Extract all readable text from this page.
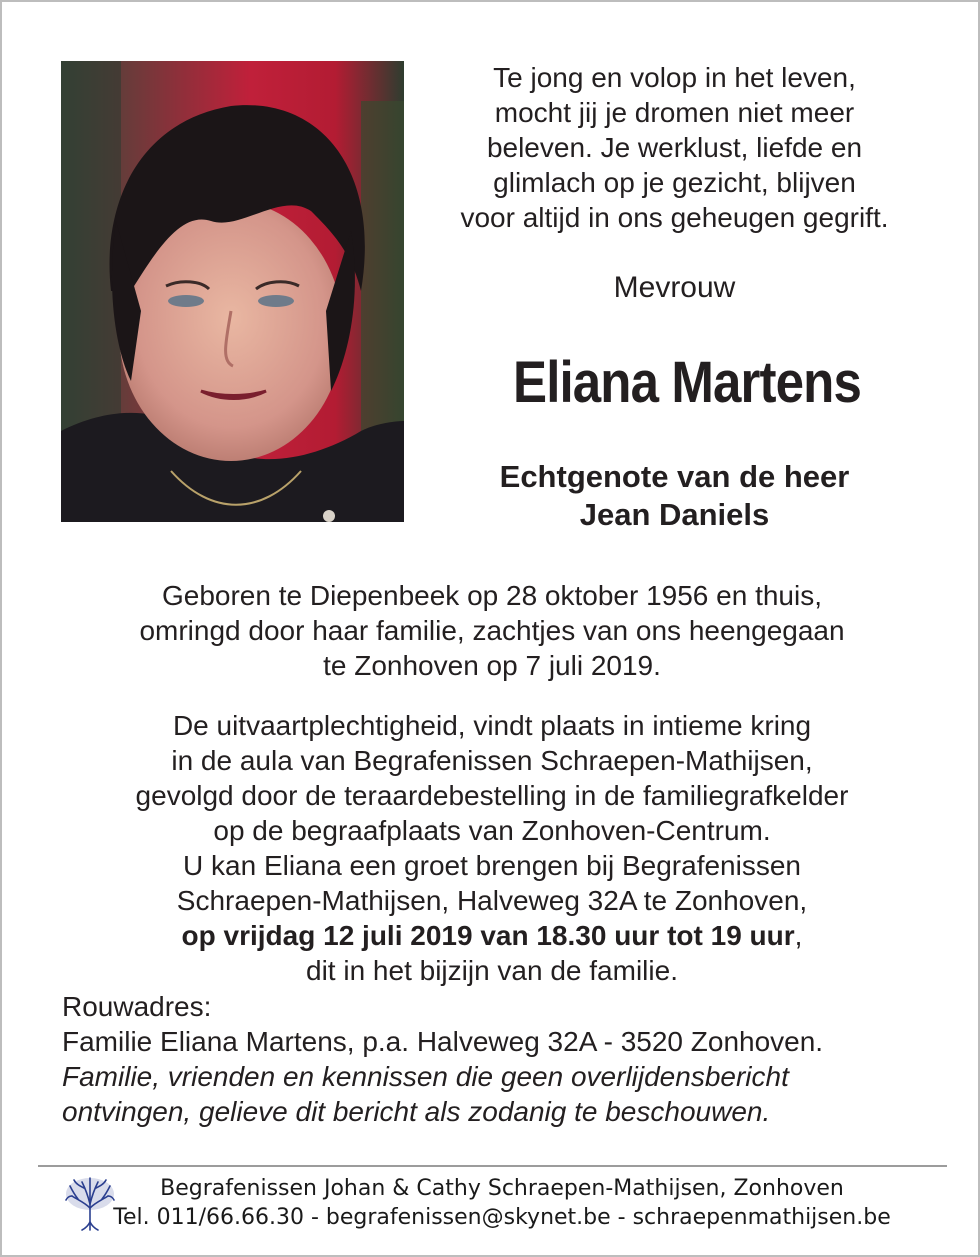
Te jong en volop in het leven,
mocht jij je dromen niet meer
beleven. Je werklust, liefde en
glimlach op je gezicht, blijven
voor altijd in ons geheugen gegrift.
Mevrouw
Eliana Martens
Echtgenote van de heer
Jean Daniels
Geboren te Diepenbeek op 28 oktober 1956 en thuis,
omringd door haar familie, zachtjes van ons heengegaan
te Zonhoven op 7 juli 2019.
De uitvaartplechtigheid, vindt plaats in intieme kring
in de aula van Begrafenissen Schraepen-Mathijsen,
gevolgd door de teraardebestelling in de familiegrafkelder
op de begraafplaats van Zonhoven-Centrum.
U kan Eliana een groet brengen bij Begrafenissen
Schraepen-Mathijsen, Halveweg 32A te Zonhoven,
op vrijdag 12 juli 2019 van 18.30 uur tot 19 uur,
dit in het bijzijn van de familie.
Rouwadres:
Familie Eliana Martens, p.a. Halveweg 32A - 3520 Zonhoven.
Familie, vrienden en kennissen die geen overlijdensbericht
ontvingen, gelieve dit bericht als zodanig te beschouwen.
Begrafenissen Johan & Cathy Schraepen-Mathijsen, Zonhoven
Tel. 011/66.66.30 - begrafenissen@skynet.be - schraepenmathijsen.be
